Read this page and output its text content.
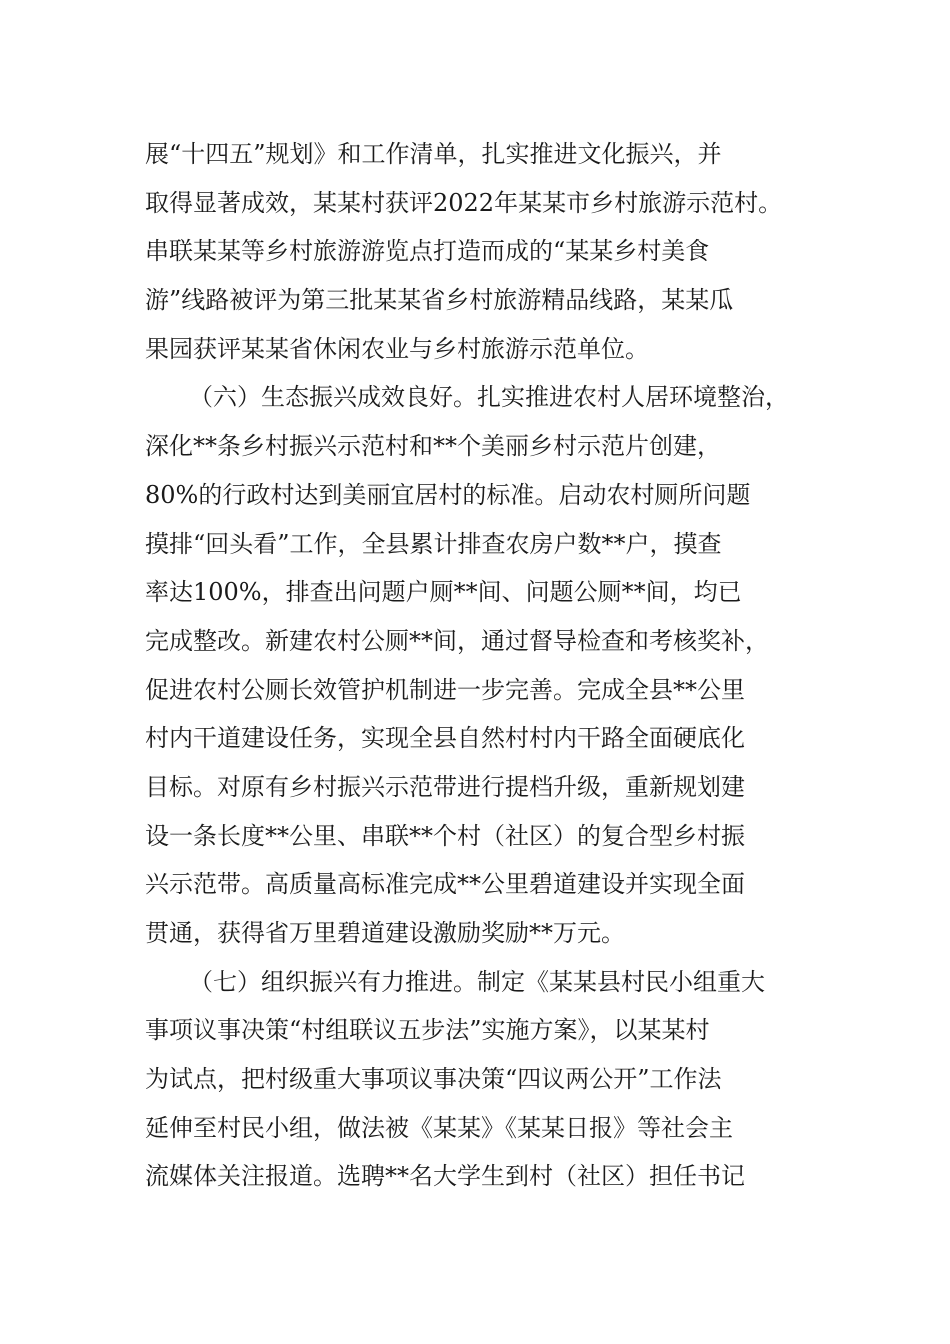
展“十四五”规划》和工作清单，扎实推进文化振兴，并
取得显著成效，某某村获评2022年某某市乡村旅游示范村。
串联某某等乡村旅游游览点打造而成的“某某乡村美食
游”线路被评为第三批某某省乡村旅游精品线路，某某瓜
果园获评某某省休闲农业与乡村旅游示范单位。
（六）生态振兴成效良好。扎实推进农村人居环境整治，
深化**条乡村振兴示范村和**个美丽乡村示范片创建，
80%的行政村达到美丽宜居村的标准。启动农村厕所问题
摸排“回头看”工作，全县累计排查农房户数**户，摸查
率达100%，排查出问题户厕**间、问题公厕**间，均已
完成整改。新建农村公厕**间，通过督导检查和考核奖补，
促进农村公厕长效管护机制进一步完善。完成全县**公里
村内干道建设任务，实现全县自然村村内干路全面硬底化
目标。对原有乡村振兴示范带进行提档升级，重新规划建
设一条长度**公里、串联**个村（社区）的复合型乡村振
兴示范带。高质量高标准完成**公里碧道建设并实现全面
贯通，获得省万里碧道建设激励奖励**万元。
（七）组织振兴有力推进。制定《某某县村民小组重大
事项议事决策“村组联议五步法”实施方案》，以某某村
为试点，把村级重大事项议事决策“四议两公开”工作法
延伸至村民小组，做法被《某某》《某某日报》等社会主
流媒体关注报道。选聘**名大学生到村（社区）担任书记
